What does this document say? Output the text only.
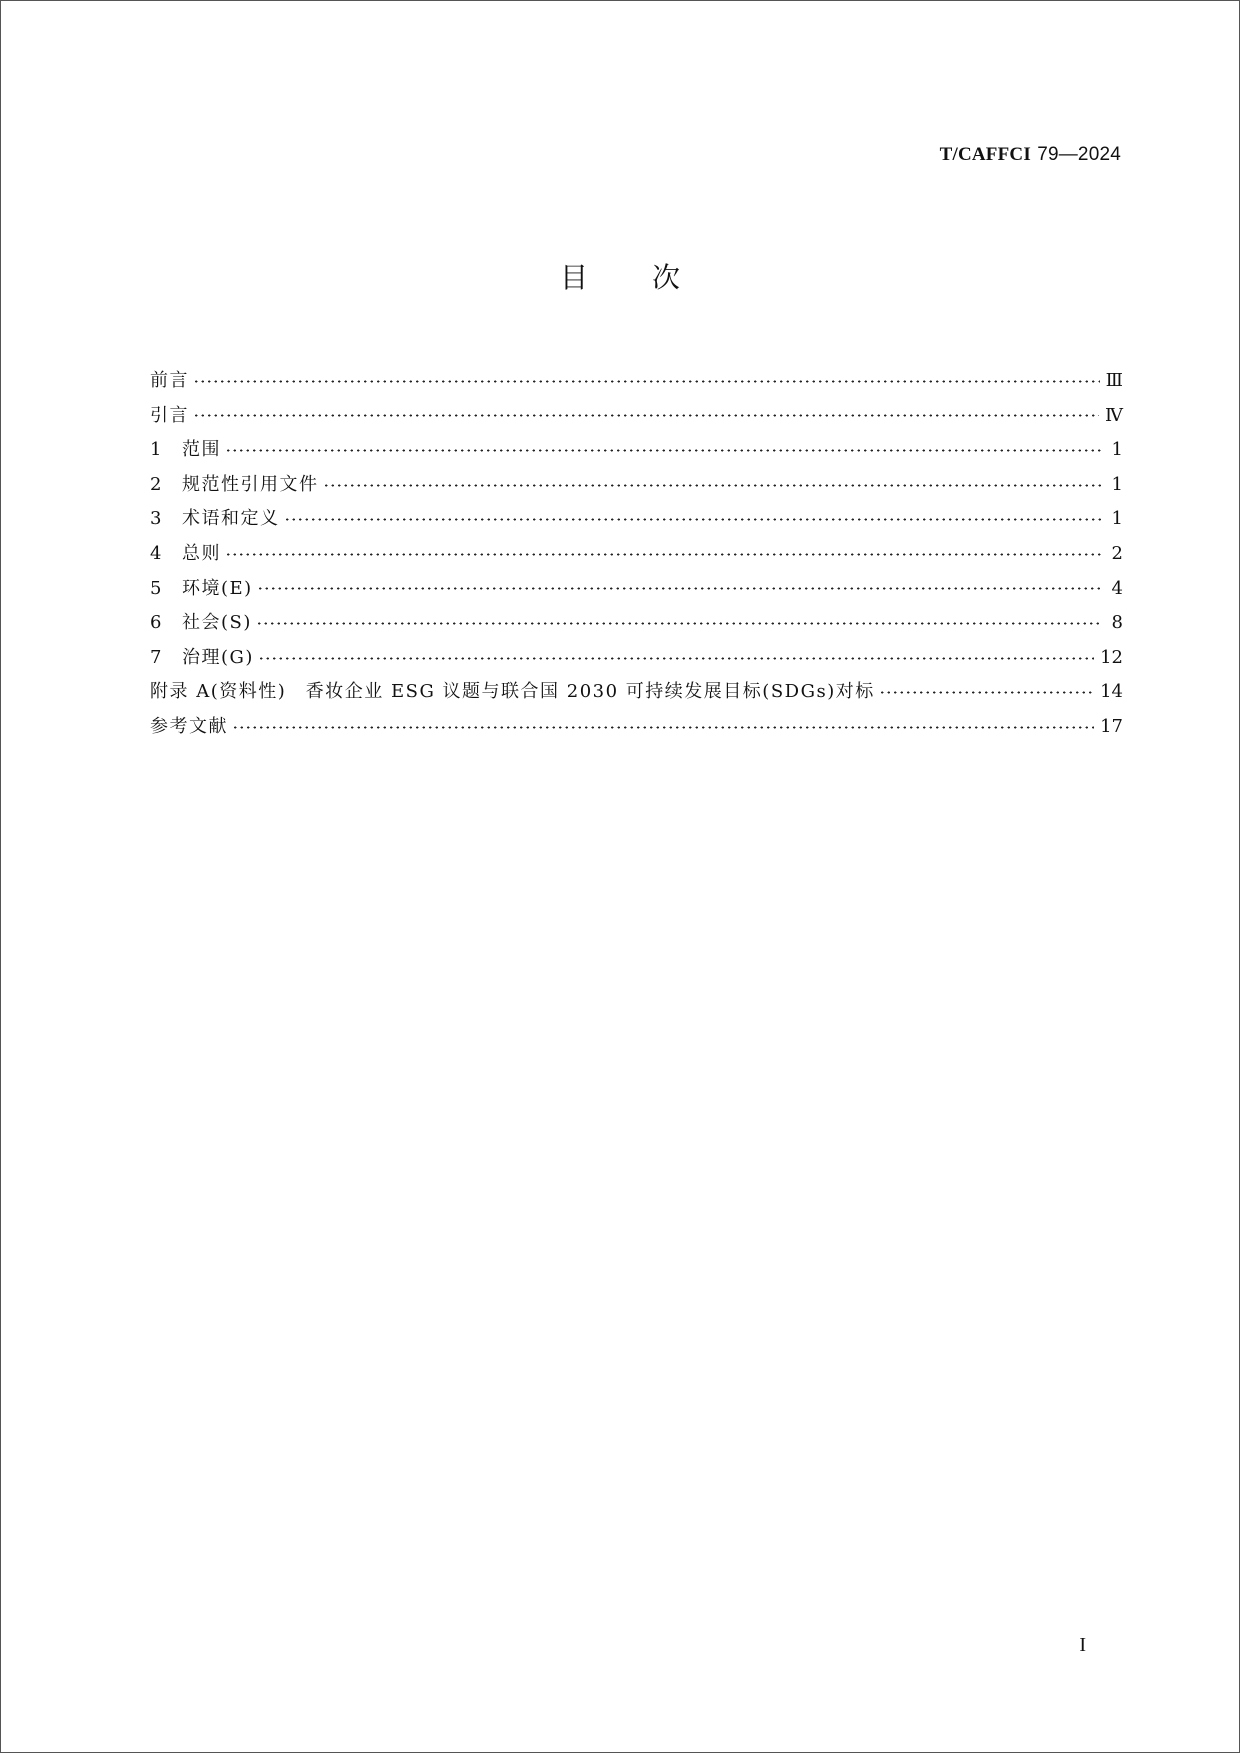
T/CAFFCI 79—2024
目次
前言	Ⅲ
引言	Ⅳ
1	范围	1
2	规范性引用文件	1
3	术语和定义	1
4	总则	2
5	环境(E)	4
6	社会(S)	8
7	治理(G)	12
附录 A(资料性)　香妆企业 ESG 议题与联合国 2030 可持续发展目标(SDGs)对标	14
参考文献	17
I
